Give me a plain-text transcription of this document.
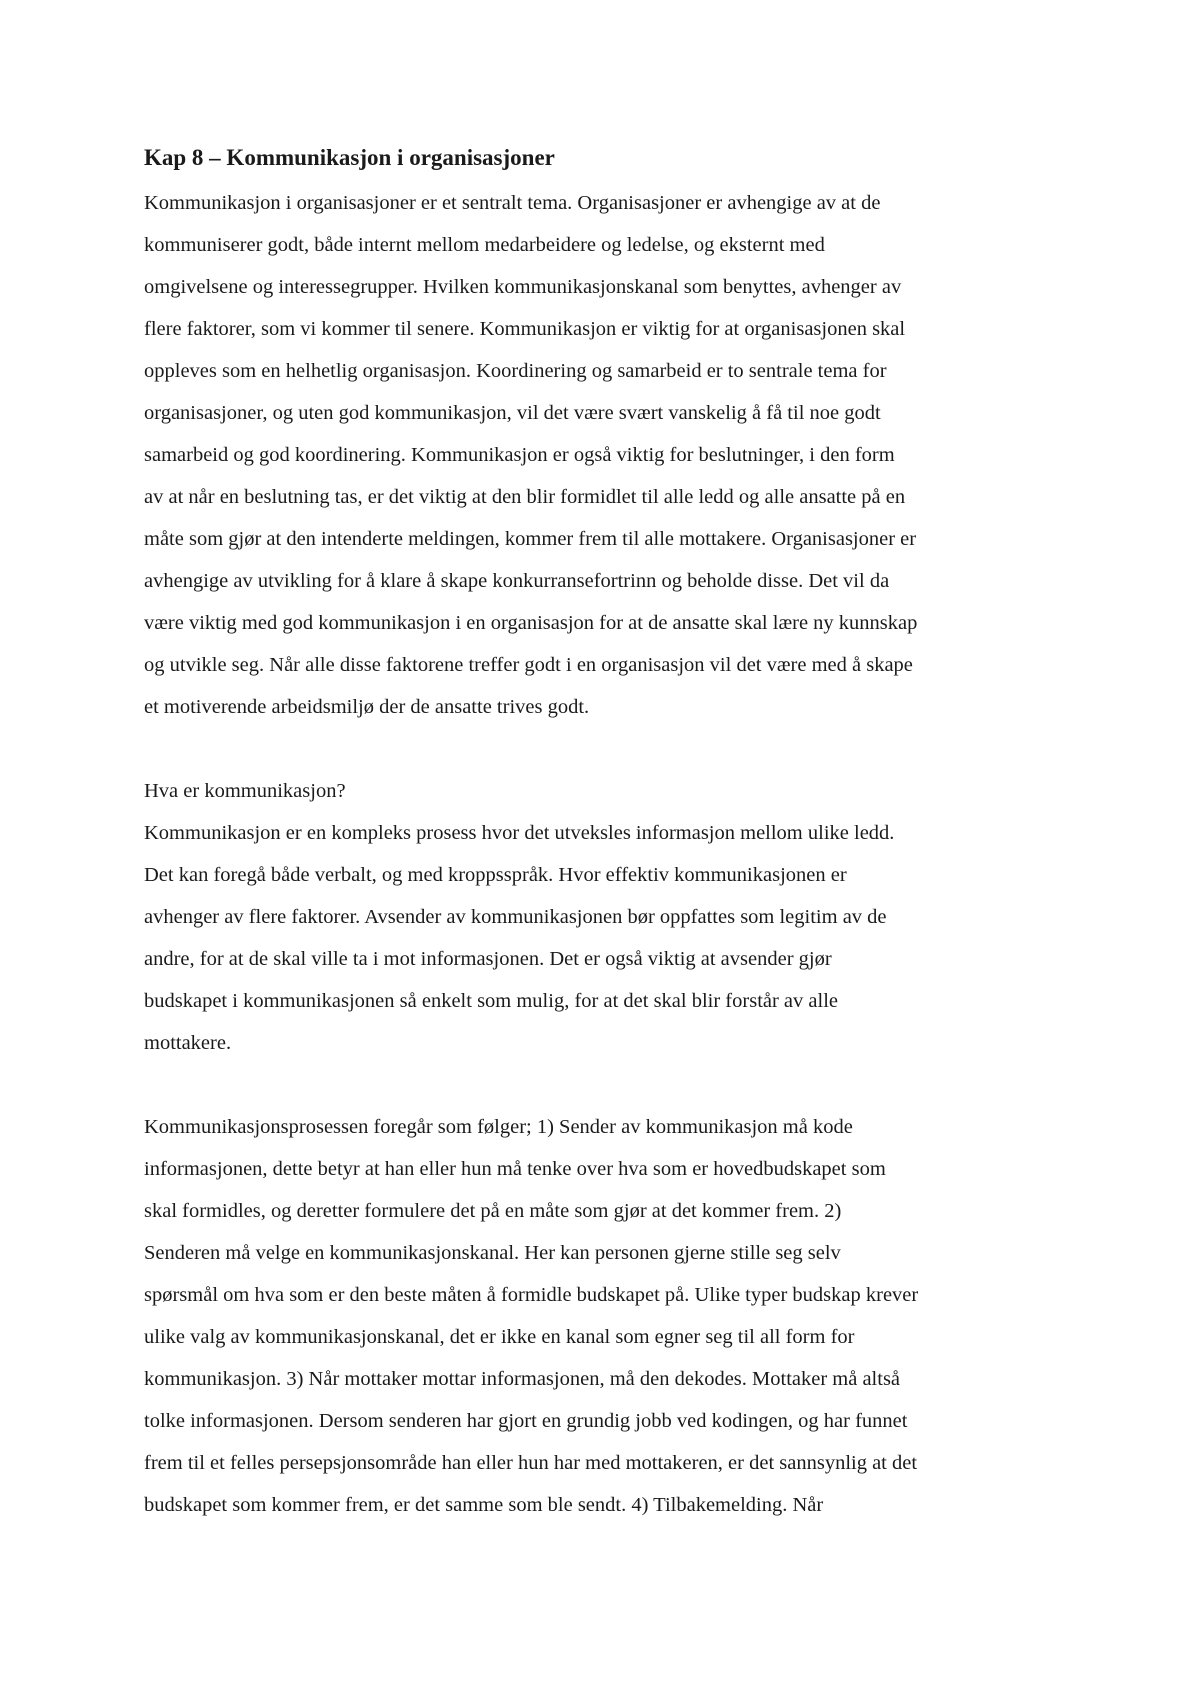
Kap 8 – Kommunikasjon i organisasjoner
Kommunikasjon i organisasjoner er et sentralt tema. Organisasjoner er avhengige av at de
kommuniserer godt, både internt mellom medarbeidere og ledelse, og eksternt med
omgivelsene og interessegrupper. Hvilken kommunikasjonskanal som benyttes, avhenger av
flere faktorer, som vi kommer til senere. Kommunikasjon er viktig for at organisasjonen skal
oppleves som en helhetlig organisasjon. Koordinering og samarbeid er to sentrale tema for
organisasjoner, og uten god kommunikasjon, vil det være svært vanskelig å få til noe godt
samarbeid og god koordinering. Kommunikasjon er også viktig for beslutninger, i den form
av at når en beslutning tas, er det viktig at den blir formidlet til alle ledd og alle ansatte på en
måte som gjør at den intenderte meldingen, kommer frem til alle mottakere. Organisasjoner er
avhengige av utvikling for å klare å skape konkurransefortrinn og beholde disse. Det vil da
være viktig med god kommunikasjon i en organisasjon for at de ansatte skal lære ny kunnskap
og utvikle seg. Når alle disse faktorene treffer godt i en organisasjon vil det være med å skape
et motiverende arbeidsmiljø der de ansatte trives godt.
Hva er kommunikasjon?
Kommunikasjon er en kompleks prosess hvor det utveksles informasjon mellom ulike ledd.
Det kan foregå både verbalt, og med kroppsspråk. Hvor effektiv kommunikasjonen er
avhenger av flere faktorer. Avsender av kommunikasjonen bør oppfattes som legitim av de
andre, for at de skal ville ta i mot informasjonen. Det er også viktig at avsender gjør
budskapet i kommunikasjonen så enkelt som mulig, for at det skal blir forstår av alle
mottakere.
Kommunikasjonsprosessen foregår som følger; 1) Sender av kommunikasjon må kode
informasjonen, dette betyr at han eller hun må tenke over hva som er hovedbudskapet som
skal formidles, og deretter formulere det på en måte som gjør at det kommer frem. 2)
Senderen må velge en kommunikasjonskanal. Her kan personen gjerne stille seg selv
spørsmål om hva som er den beste måten å formidle budskapet på. Ulike typer budskap krever
ulike valg av kommunikasjonskanal, det er ikke en kanal som egner seg til all form for
kommunikasjon. 3) Når mottaker mottar informasjonen, må den dekodes. Mottaker må altså
tolke informasjonen. Dersom senderen har gjort en grundig jobb ved kodingen, og har funnet
frem til et felles persepsjonsområde han eller hun har med mottakeren, er det sannsynlig at det
budskapet som kommer frem, er det samme som ble sendt. 4) Tilbakemelding. Når
